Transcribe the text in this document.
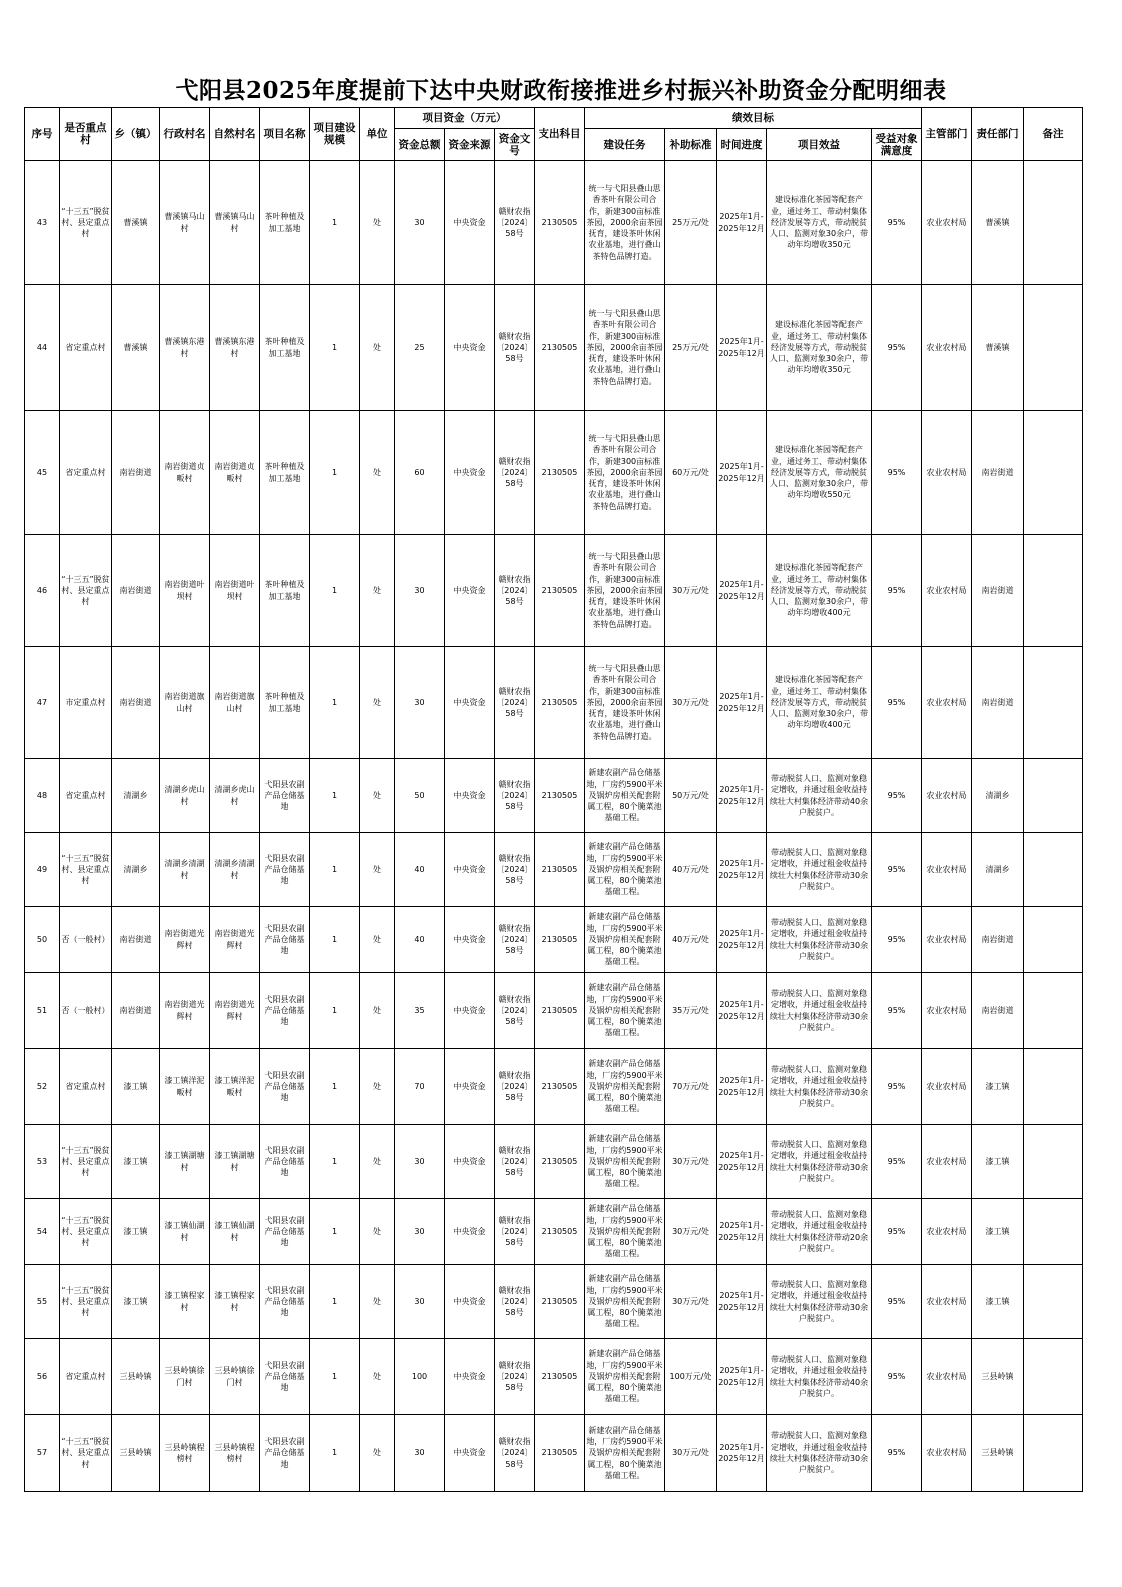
弋阳县2025年度提前下达中央财政衔接推进乡村振兴补助资金分配明细表
序号	是否重点村	乡（镇）	行政村名	自然村名	项目名称	项目建设规模	单位	项目资金（万元）			支出科目	绩效目标					主管部门	责任部门	备注
								资金总额	资金来源	资金文号		建设任务	补助标准	时间进度	项目效益	受益对象满意度			
43	“十三五”脱贫村、县定重点村	曹溪镇	曹溪镇马山村	曹溪镇马山村	茶叶种植及加工基地	1	处	30	中央资金	赣财农指〔2024〕58号	2130505	统一与弋阳县叠山思香茶叶有限公司合作，新建300亩标准茶园，2000余亩茶园抚育，建设茶叶休闲农业基地，进行叠山茶特色品牌打造。	25万元/处	2025年1月-2025年12月	建设标准化茶园等配套产业，通过务工、带动村集体经济发展等方式，带动脱贫人口、监测对象30余户，带动年均增收350元	95%	农业农村局	曹溪镇	
44	省定重点村	曹溪镇	曹溪镇东港村	曹溪镇东港村	茶叶种植及加工基地	1	处	25	中央资金	赣财农指〔2024〕58号	2130505	统一与弋阳县叠山思香茶叶有限公司合作，新建300亩标准茶园，2000余亩茶园抚育，建设茶叶休闲农业基地，进行叠山茶特色品牌打造。	25万元/处	2025年1月-2025年12月	建设标准化茶园等配套产业，通过务工、带动村集体经济发展等方式，带动脱贫人口、监测对象30余户，带动年均增收350元	95%	农业农村局	曹溪镇	
45	省定重点村	南岩街道	南岩街道贞畈村	南岩街道贞畈村	茶叶种植及加工基地	1	处	60	中央资金	赣财农指〔2024〕58号	2130505	统一与弋阳县叠山思香茶叶有限公司合作，新建300亩标准茶园，2000余亩茶园抚育，建设茶叶休闲农业基地，进行叠山茶特色品牌打造。	60万元/处	2025年1月-2025年12月	建设标准化茶园等配套产业，通过务工、带动村集体经济发展等方式，带动脱贫人口、监测对象30余户，带动年均增收550元	95%	农业农村局	南岩街道	
46	“十三五”脱贫村、县定重点村	南岩街道	南岩街道叶坝村	南岩街道叶坝村	茶叶种植及加工基地	1	处	30	中央资金	赣财农指〔2024〕58号	2130505	统一与弋阳县叠山思香茶叶有限公司合作，新建300亩标准茶园，2000余亩茶园抚育，建设茶叶休闲农业基地，进行叠山茶特色品牌打造。	30万元/处	2025年1月-2025年12月	建设标准化茶园等配套产业，通过务工、带动村集体经济发展等方式，带动脱贫人口、监测对象30余户，带动年均增收400元	95%	农业农村局	南岩街道	
47	市定重点村	南岩街道	南岩街道旗山村	南岩街道旗山村	茶叶种植及加工基地	1	处	30	中央资金	赣财农指〔2024〕58号	2130505	统一与弋阳县叠山思香茶叶有限公司合作，新建300亩标准茶园，2000余亩茶园抚育，建设茶叶休闲农业基地，进行叠山茶特色品牌打造。	30万元/处	2025年1月-2025年12月	建设标准化茶园等配套产业，通过务工、带动村集体经济发展等方式，带动脱贫人口、监测对象30余户，带动年均增收400元	95%	农业农村局	南岩街道	
48	省定重点村	清湖乡	清湖乡虎山村	清湖乡虎山村	弋阳县农副产品仓储基地	1	处	50	中央资金	赣财农指〔2024〕58号	2130505	新建农副产品仓储基地，厂房约5900平米及锅炉房相关配套附属工程，80个腌菜池基础工程。	50万元/处	2025年1月-2025年12月	带动脱贫人口、监测对象稳定增收，并通过租金收益持续壮大村集体经济带动40余户脱贫户。	95%	农业农村局	清湖乡	
49	“十三五”脱贫村、县定重点村	清湖乡	清湖乡清湖村	清湖乡清湖村	弋阳县农副产品仓储基地	1	处	40	中央资金	赣财农指〔2024〕58号	2130505	新建农副产品仓储基地，厂房约5900平米及锅炉房相关配套附属工程，80个腌菜池基础工程。	40万元/处	2025年1月-2025年12月	带动脱贫人口、监测对象稳定增收，并通过租金收益持续壮大村集体经济带动30余户脱贫户。	95%	农业农村局	清湖乡	
50	否（一般村）	南岩街道	南岩街道光辉村	南岩街道光辉村	弋阳县农副产品仓储基地	1	处	40	中央资金	赣财农指〔2024〕58号	2130505	新建农副产品仓储基地，厂房约5900平米及锅炉房相关配套附属工程，80个腌菜池基础工程。	40万元/处	2025年1月-2025年12月	带动脱贫人口、监测对象稳定增收，并通过租金收益持续壮大村集体经济带动30余户脱贫户。	95%	农业农村局	南岩街道	
51	否（一般村）	南岩街道	南岩街道光辉村	南岩街道光辉村	弋阳县农副产品仓储基地	1	处	35	中央资金	赣财农指〔2024〕58号	2130505	新建农副产品仓储基地，厂房约5900平米及锅炉房相关配套附属工程，80个腌菜池基础工程。	35万元/处	2025年1月-2025年12月	带动脱贫人口、监测对象稳定增收，并通过租金收益持续壮大村集体经济带动30余户脱贫户。	95%	农业农村局	南岩街道	
52	省定重点村	漆工镇	漆工镇洋泥畈村	漆工镇洋泥畈村	弋阳县农副产品仓储基地	1	处	70	中央资金	赣财农指〔2024〕58号	2130505	新建农副产品仓储基地，厂房约5900平米及锅炉房相关配套附属工程，80个腌菜池基础工程。	70万元/处	2025年1月-2025年12月	带动脱贫人口、监测对象稳定增收，并通过租金收益持续壮大村集体经济带动30余户脱贫户。	95%	农业农村局	漆工镇	
53	“十三五”脱贫村、县定重点村	漆工镇	漆工镇湖塘村	漆工镇湖塘村	弋阳县农副产品仓储基地	1	处	30	中央资金	赣财农指〔2024〕58号	2130505	新建农副产品仓储基地，厂房约5900平米及锅炉房相关配套附属工程，80个腌菜池基础工程。	30万元/处	2025年1月-2025年12月	带动脱贫人口、监测对象稳定增收，并通过租金收益持续壮大村集体经济带动30余户脱贫户。	95%	农业农村局	漆工镇	
54	“十三五”脱贫村、县定重点村	漆工镇	漆工镇仙湖村	漆工镇仙湖村	弋阳县农副产品仓储基地	1	处	30	中央资金	赣财农指〔2024〕58号	2130505	新建农副产品仓储基地，厂房约5900平米及锅炉房相关配套附属工程，80个腌菜池基础工程。	30万元/处	2025年1月-2025年12月	带动脱贫人口、监测对象稳定增收，并通过租金收益持续壮大村集体经济带动20余户脱贫户。	95%	农业农村局	漆工镇	
55	“十三五”脱贫村、县定重点村	漆工镇	漆工镇程家村	漆工镇程家村	弋阳县农副产品仓储基地	1	处	30	中央资金	赣财农指〔2024〕58号	2130505	新建农副产品仓储基地，厂房约5900平米及锅炉房相关配套附属工程，80个腌菜池基础工程。	30万元/处	2025年1月-2025年12月	带动脱贫人口、监测对象稳定增收，并通过租金收益持续壮大村集体经济带动30余户脱贫户。	95%	农业农村局	漆工镇	
56	省定重点村	三县岭镇	三县岭镇徐门村	三县岭镇徐门村	弋阳县农副产品仓储基地	1	处	100	中央资金	赣财农指〔2024〕58号	2130505	新建农副产品仓储基地，厂房约5900平米及锅炉房相关配套附属工程，80个腌菜池基础工程。	100万元/处	2025年1月-2025年12月	带动脱贫人口、监测对象稳定增收，并通过租金收益持续壮大村集体经济带动40余户脱贫户。	95%	农业农村局	三县岭镇	
57	“十三五”脱贫村、县定重点村	三县岭镇	三县岭镇程榜村	三县岭镇程榜村	弋阳县农副产品仓储基地	1	处	30	中央资金	赣财农指〔2024〕58号	2130505	新建农副产品仓储基地，厂房约5900平米及锅炉房相关配套附属工程，80个腌菜池基础工程。	30万元/处	2025年1月-2025年12月	带动脱贫人口、监测对象稳定增收，并通过租金收益持续壮大村集体经济带动30余户脱贫户。	95%	农业农村局	三县岭镇	
